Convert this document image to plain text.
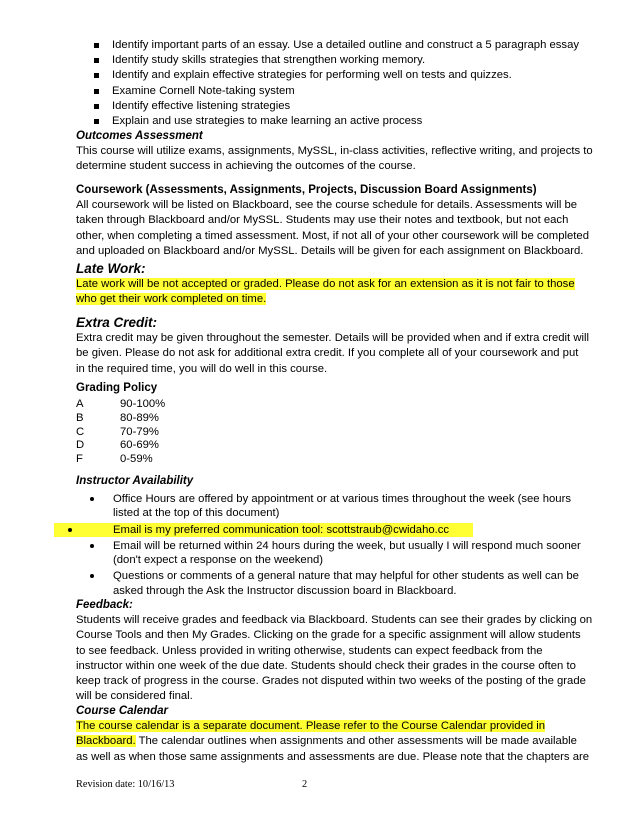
Identify important parts of an essay. Use a detailed outline and construct a 5 paragraph essay
Identify study skills strategies that strengthen working memory.
Identify and explain effective strategies for performing well on tests and quizzes.
Examine Cornell Note-taking system
Identify effective listening strategies
Explain and use strategies to make learning an active process
Outcomes Assessment
This course will utilize exams, assignments, MySSL, in-class activities, reflective writing, and projects to
determine student success in achieving the outcomes of the course.
Coursework (Assessments, Assignments, Projects, Discussion Board Assignments)
All coursework will be listed on Blackboard, see the course schedule for details. Assessments will be
taken through Blackboard and/or MySSL. Students may use their notes and textbook, but not each
other, when completing a timed assessment. Most, if not all of your other coursework will be completed
and uploaded on Blackboard and/or MySSL. Details will be given for each assignment on Blackboard.
Late Work:
Late work will be not accepted or graded. Please do not ask for an extension as it is not fair to those
who get their work completed on time.
Extra Credit:
Extra credit may be given throughout the semester. Details will be provided when and if extra credit will
be given. Please do not ask for additional extra credit. If you complete all of your coursework and put
in the required time, you will do well in this course.
Grading Policy
A	90-100%
B	80-89%
C	70-79%
D	60-69%
F	0-59%
Instructor Availability
Office Hours are offered by appointment or at various times throughout the week (see hours
listed at the top of this document)
Email is my preferred communication tool: scottstraub@cwidaho.cc
Email will be returned within 24 hours during the week, but usually I will respond much sooner
(don't expect a response on the weekend)
Questions or comments of a general nature that may helpful for other students as well can be
asked through the Ask the Instructor discussion board in Blackboard.
Feedback:
Students will receive grades and feedback via Blackboard. Students can see their grades by clicking on
Course Tools and then My Grades. Clicking on the grade for a specific assignment will allow students
to see feedback. Unless provided in writing otherwise, students can expect feedback from the
instructor within one week of the due date. Students should check their grades in the course often to
keep track of progress in the course. Grades not disputed within two weeks of the posting of the grade
will be considered final.
Course Calendar
The course calendar is a separate document. Please refer to the Course Calendar provided in
Blackboard. The calendar outlines when assignments and other assessments will be made available
as well as when those same assignments and assessments are due. Please note that the chapters are
Revision date: 10/16/13	2
